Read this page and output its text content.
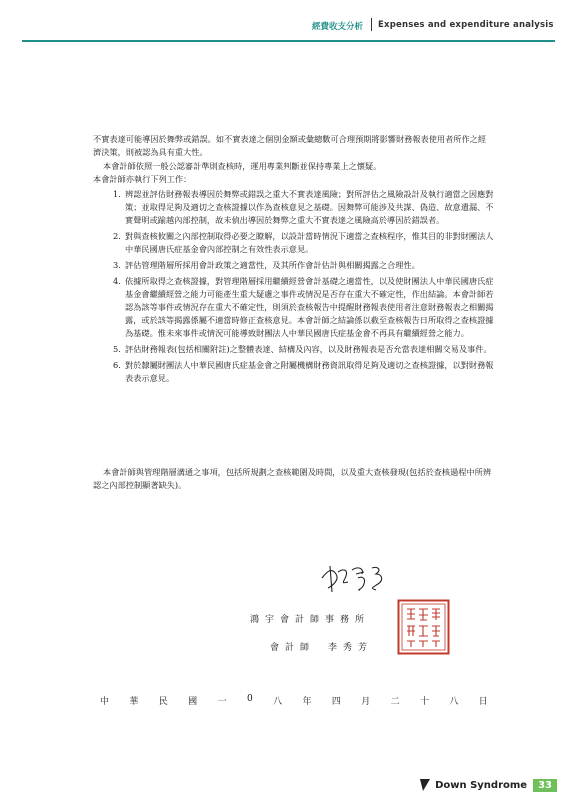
經費收支分析 Expenses and expenditure analysis
不實表達可能導因於舞弊或錯誤。如不實表達之個別金額或彙總數可合理預期將影響財務報表使用者所作之經濟決策，則被認為具有重大性。
本會計師依照一般公認審計準則查核時，運用專業判斷並保持專業上之懷疑。
本會計師亦執行下列工作：
1. 辨認並評估財務報表導因於舞弊或錯誤之重大不實表達風險；對所評估之風險設計及執行適當之因應對策；並取得足夠及適切之查核證據以作為查核意見之基礎。因舞弊可能涉及共謀、偽造、故意遺漏、不實聲明或踰越內部控制，故未偵出導因於舞弊之重大不實表達之風險高於導因於錯誤者。
2. 對與查核攸關之內部控制取得必要之瞭解，以設計當時情況下適當之查核程序，惟其目的非對財團法人中華民國唐氏症基金會內部控制之有效性表示意見。
3. 評估管理階層所採用會計政策之適當性，及其所作會計估計與相關揭露之合理性。
4. 依據所取得之查核證據，對管理階層採用繼續經營會計基礎之適當性，以及使財團法人中華民國唐氏症基金會繼續經營之能力可能產生重大疑慮之事件或情況是否存在重大不確定性，作出結論。本會計師若認為該等事件或情況存在重大不確定性，則須於查核報告中提醒財務報表使用者注意財務報表之相關揭露，或於該等揭露係屬不適當時修正查核意見。本會計師之結論係以截至查核報告日所取得之查核證據為基礎。惟未來事件或情況可能導致財團法人中華民國唐氏症基金會不再具有繼續經營之能力。
5. 評估財務報表(包括相關附註)之整體表達、結構及內容，以及財務報表是否允當表達相關交易及事件。
6. 對於隸屬財團法人中華民國唐氏症基金會之附屬機構財務資訊取得足夠及適切之查核證據，以對財務報表表示意見。
本會計師與管理階層溝通之事項，包括所規劃之查核範圍及時間，以及重大查核發現(包括於查核過程中所辨認之內部控制顯著缺失)。
鴻宇會計師事務所
會計師 李秀芳
中 華 民 國 一 0 八 年 四 月 二 十 八 日
Down Syndrome	33
